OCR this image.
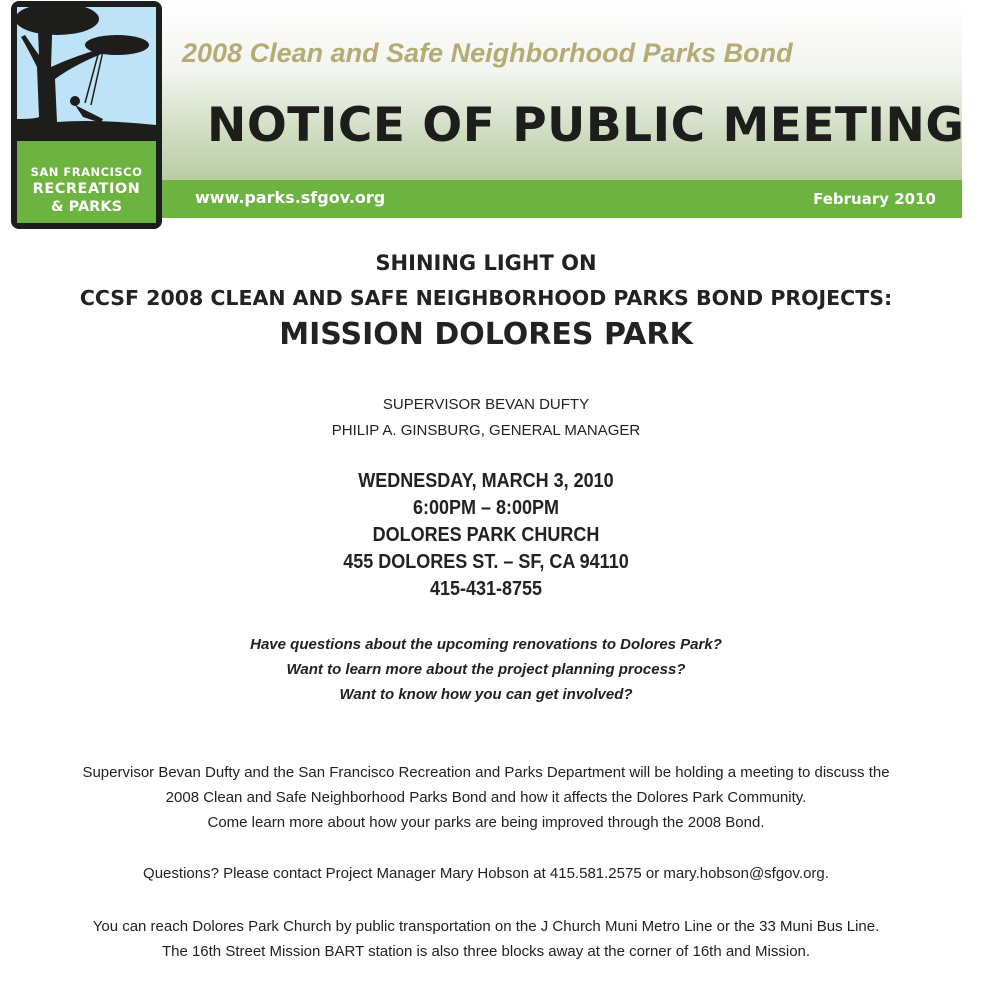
SAN FRANCISCO
RECREATION
& PARKS
2008 Clean and Safe Neighborhood Parks Bond
NOTICE OF PUBLIC MEETING
www.parks.sfgov.org	February 2010
SHINING LIGHT ON
CCSF 2008 CLEAN AND SAFE NEIGHBORHOOD PARKS BOND PROJECTS:
MISSION DOLORES PARK
SUPERVISOR BEVAN DUFTY
PHILIP A. GINSBURG, GENERAL MANAGER
WEDNESDAY, MARCH 3, 2010
6:00PM – 8:00PM
DOLORES PARK CHURCH
455 DOLORES ST. – SF, CA 94110
415-431-8755
Have questions about the upcoming renovations to Dolores Park?
Want to learn more about the project planning process?
Want to know how you can get involved?
Supervisor Bevan Dufty and the San Francisco Recreation and Parks Department will be holding a meeting to discuss the
2008 Clean and Safe Neighborhood Parks Bond and how it affects the Dolores Park Community.
Come learn more about how your parks are being improved through the 2008 Bond.
Questions? Please contact Project Manager Mary Hobson at 415.581.2575 or mary.hobson@sfgov.org.
You can reach Dolores Park Church by public transportation on the J Church Muni Metro Line or the 33 Muni Bus Line.
The 16th Street Mission BART station is also three blocks away at the corner of 16th and Mission.
